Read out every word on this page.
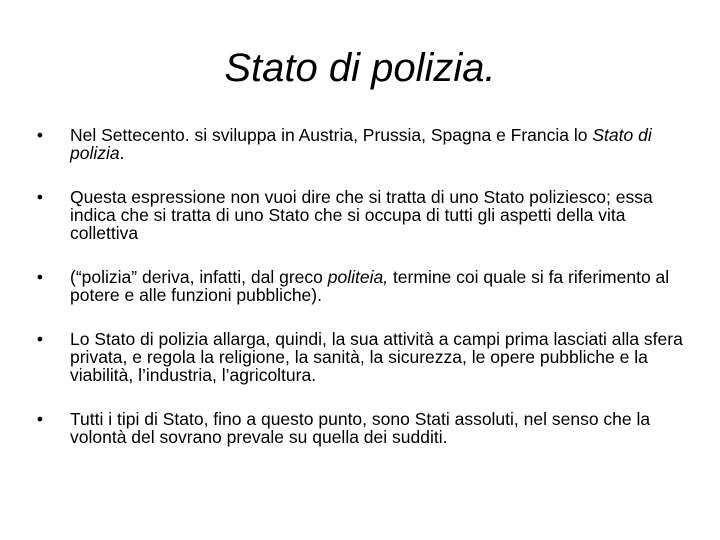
Stato di polizia.
• Nel Settecento. si sviluppa in Austria, Prussia, Spagna e Francia lo Stato di polizia.
• Questa espressione non vuoi dire che si tratta di uno Stato poliziesco; essa indica che si tratta di uno Stato che si occupa di tutti gli aspetti della vita collettiva
• (“polizia” deriva, infatti, dal greco politeia, termine coi quale si fa riferimento al potere e alle funzioni pubbliche).
• Lo Stato di polizia allarga, quindi, la sua attività a campi prima lasciati alla sfera privata, e regola la religione, la sanità, la sicurezza, le opere pubbliche e la viabilità, l’industria, l’agricoltura.
• Tutti i tipi di Stato, fino a questo punto, sono Stati assoluti, nel senso che la volontà del sovrano prevale su quella dei sudditi.
